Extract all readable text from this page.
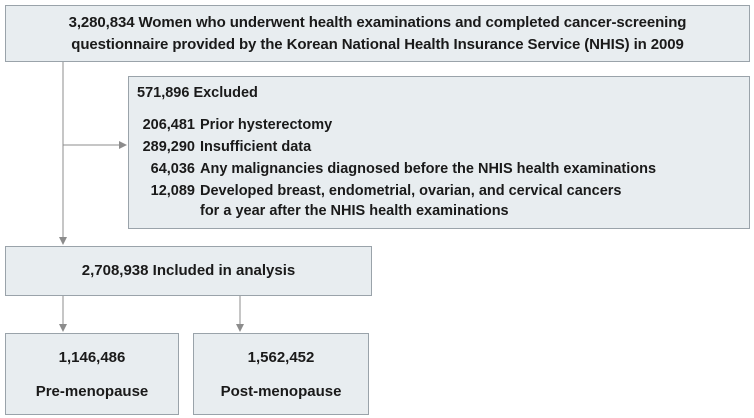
3,280,834 Women who underwent health examinations and completed cancer-screening
questionnaire provided by the Korean National Health Insurance Service (NHIS) in 2009
571,896 Excluded
206,481 Prior hysterectomy
289,290 Insufficient data
64,036 Any malignancies diagnosed before the NHIS health examinations
12,089 Developed breast, endometrial, ovarian, and cervical cancers
for a year after the NHIS health examinations
2,708,938 Included in analysis
1,146,486
Pre-menopause
1,562,452
Post-menopause
